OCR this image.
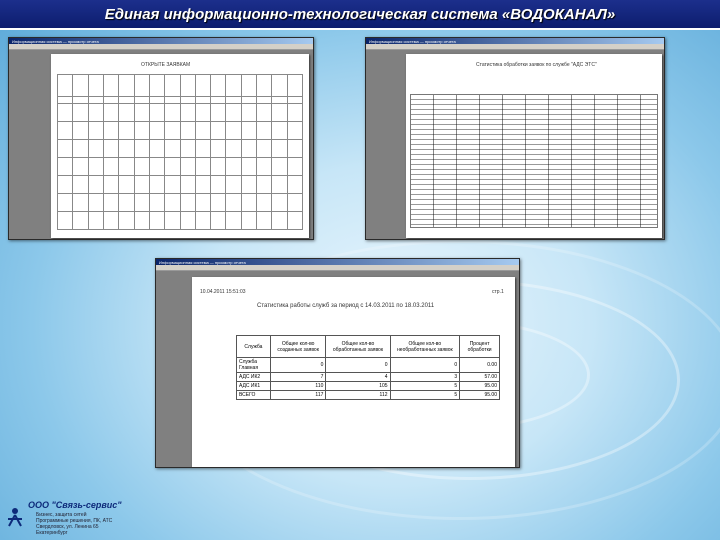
Единая информационно-технологическая система «ВОДОКАНАЛ»
Информационная система — просмотр отчета
ОТКРЫТЕ ЗАЯВКАМ

Информационная система — просмотр отчета
Статистика обработки заявок по службе "АДС ЭТС"
Информационная система — просмотр отчета
10.04.2011 15:51:03	стр.1
Статистика работы служб за период с 14.03.2011 по 18.03.2011
Служба	Общее кол-во созданных заявок	Общее кол-во обработанных заявок	Общее кол-во необработанных заявок	Процент обработки
Служба Главная	0	0	0	0.00
АДС ИК2	7	4	3	57.00
АДС ИК1	110	105	5	95.00
ВСЕГО	117	112	5	95.00
ООО "Связь-сервис"
Бизнес, защита сетей
Программные решения, ПК, АТС
Свердловск, ул. Ленина 65
Екатеринбург
